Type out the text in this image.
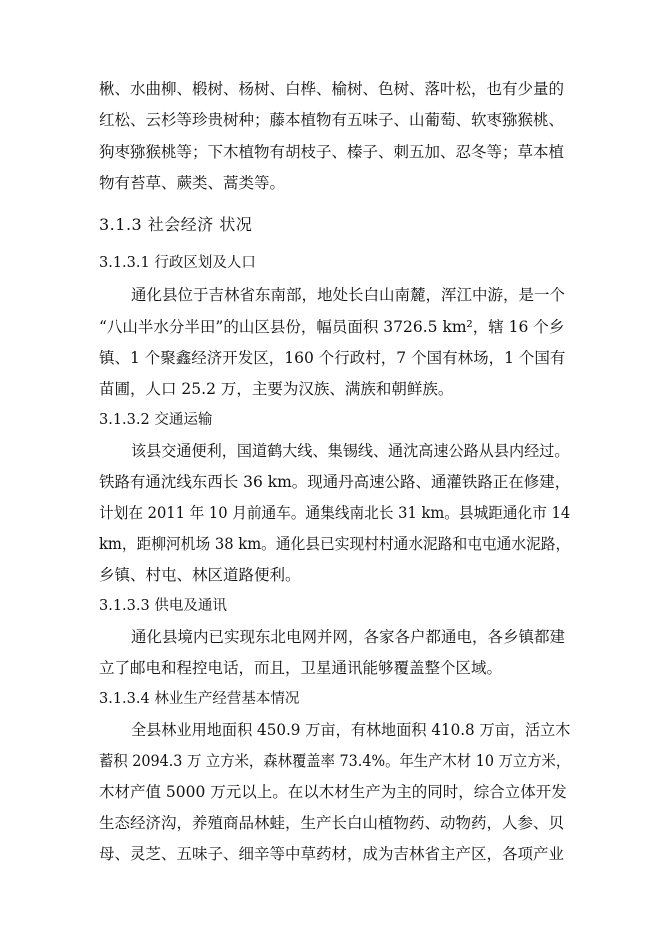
楸、水曲柳、椴树、杨树、白桦、榆树、色树、落叶松，也有少量的
红松、云杉等珍贵树种；藤本植物有五味子、山葡萄、软枣猕猴桃、
狗枣猕猴桃等；下木植物有胡枝子、榛子、刺五加、忍冬等；草本植
物有苔草、蕨类、蒿类等。
3.1.3 社会经济 状况
3.1.3.1 行政区划及人口
通化县位于吉林省东南部，地处长白山南麓，浑江中游，是一个
“八山半水分半田”的山区县份，幅员面积 3726.5 km²，辖 16 个乡
镇、1 个聚鑫经济开发区，160 个行政村，7 个国有林场，1 个国有
苗圃，人口 25.2 万，主要为汉族、满族和朝鲜族。
3.1.3.2 交通运输
该县交通便利，国道鹤大线、集锡线、通沈高速公路从县内经过。
铁路有通沈线东西长 36 km。现通丹高速公路、通灌铁路正在修建，
计划在 2011 年 10 月前通车。通集线南北长 31 km。县城距通化市 14
km，距柳河机场 38 km。通化县已实现村村通水泥路和屯屯通水泥路，
乡镇、村屯、林区道路便利。
3.1.3.3 供电及通讯
通化县境内已实现东北电网并网，各家各户都通电，各乡镇都建
立了邮电和程控电话，而且，卫星通讯能够覆盖整个区域。
3.1.3.4 林业生产经营基本情况
全县林业用地面积 450.9 万亩，有林地面积 410.8 万亩，活立木
蓄积 2094.3 万 立方米，森林覆盖率 73.4%。年生产木材 10 万立方米，
木材产值 5000 万元以上。在以木材生产为主的同时，综合立体开发
生态经济沟，养殖商品林蛙，生产长白山植物药、动物药，人参、贝
母、灵芝、五味子、细辛等中草药材，成为吉林省主产区，各项产业
